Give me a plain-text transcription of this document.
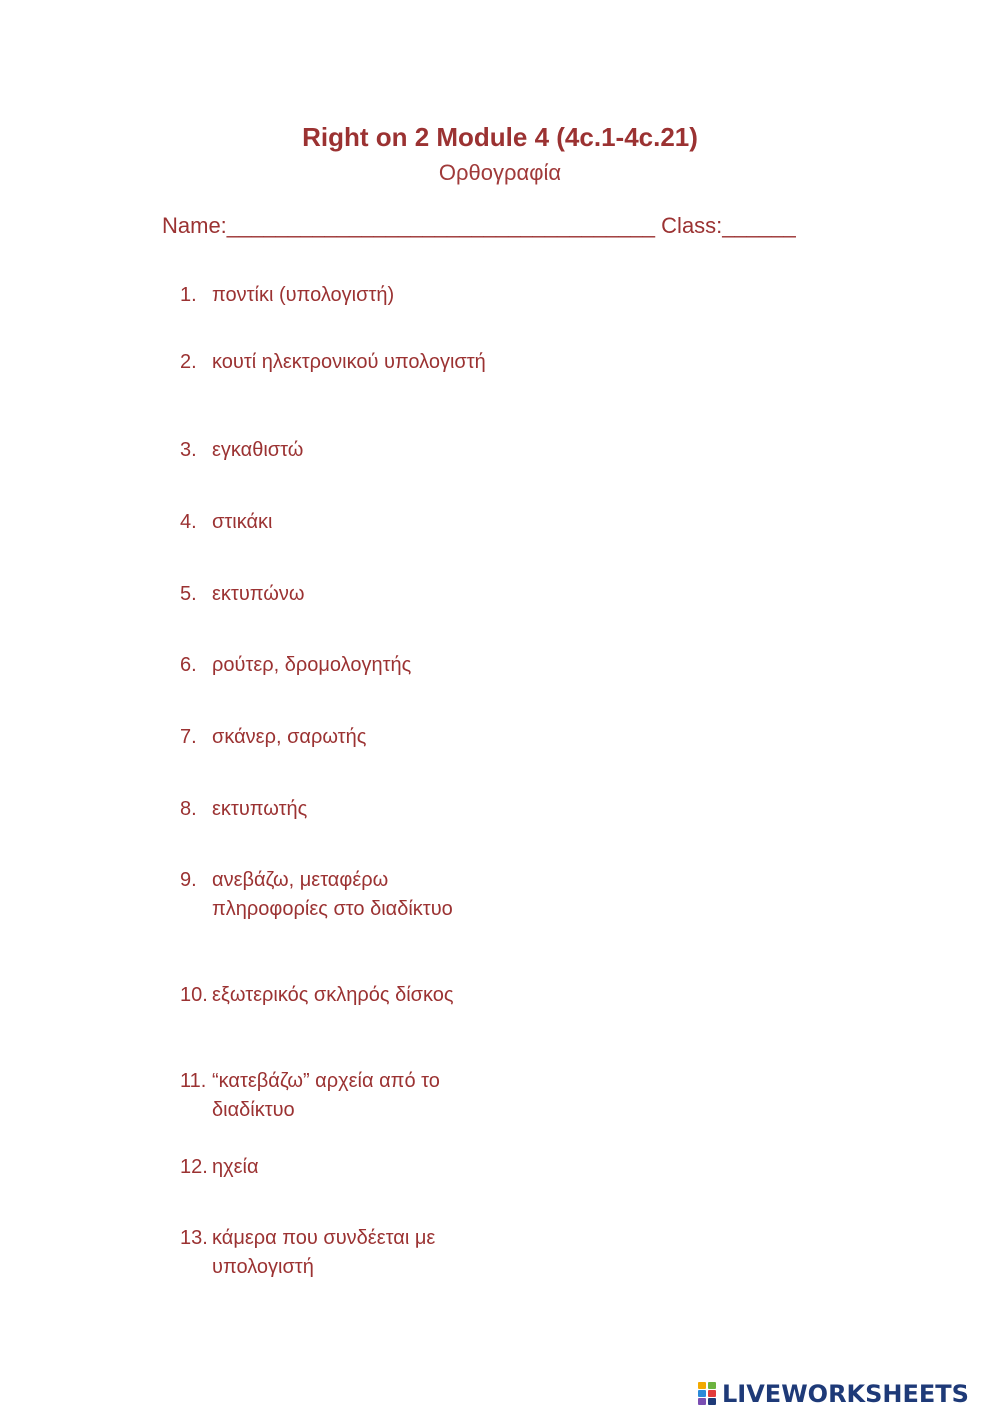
Right on 2 Module 4 (4c.1-4c.21)
Ορθογραφία
Name:___________________________________ Class:______
1. ποντίκι (υπολογιστή)
2. κουτί ηλεκτρονικού υπολογιστή
3. εγκαθιστώ
4. στικάκι
5. εκτυπώνω
6. ρούτερ, δρομολογητής
7. σκάνερ, σαρωτής
8. εκτυπωτής
9. ανεβάζω, μεταφέρω πληροφορίες στο διαδίκτυο
10. εξωτερικός σκληρός δίσκος
11. “κατεβάζω” αρχεία από το διαδίκτυο
12. ηχεία
13. κάμερα που συνδέεται με υπολογιστή
LIVEWORKSHEETS
